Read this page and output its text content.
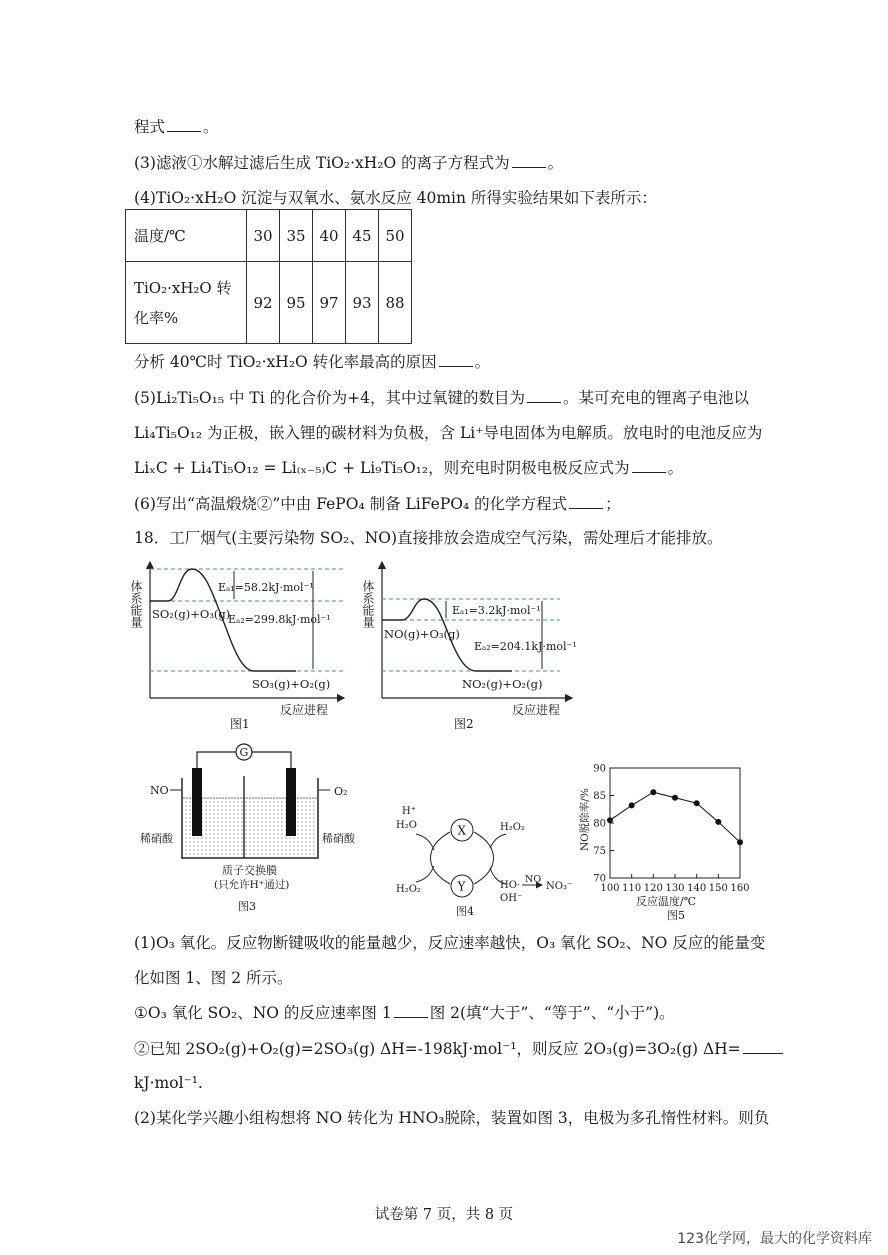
程式 。
(3)滤液①水解过滤后生成 TiO₂·xH₂O 的离子方程式为 。
(4)TiO₂·xH₂O 沉淀与双氧水、氨水反应 40min 所得实验结果如下表所示：
温度/℃	30	35	40	45	50

TiO₂·xH₂O 转
化率%	92	95	97	93	88
分析 40℃时 TiO₂·xH₂O 转化率最高的原因 。
(5)Li₂Ti₅O₁₅ 中 Ti 的化合价为+4，其中过氧键的数目为 。某可充电的锂离子电池以
Li₄Ti₅O₁₂ 为正极，嵌入锂的碳材料为负极，含 Li⁺导电固体为电解质。放电时的电池反应为
LiₓC + Li₄Ti₅O₁₂ = Li₍ₓ₋₅₎C + Li₉Ti₅O₁₂，则充电时阴极电极反应式为 。
(6)写出“高温煅烧②”中由 FePO₄ 制备 LiFePO₄ 的化学方程式 ；
18．工厂烟气(主要污染物 SO₂、NO)直接排放会造成空气污染，需处理后才能排放。
体系能量	Eₐ₁=58.2kJ·mol⁻¹
Eₐ₂=299.8kJ·mol⁻¹
SO₂(g)+O₃(g)
SO₃(g)+O₂(g)
反应进程
图1
体系能量	Eₐ₁=3.2kJ·mol⁻¹
Eₐ₂=204.1kJ·mol⁻¹
NO(g)+O₃(g)
NO₂(g)+O₂(g)
反应进程
图2
G
NO	O₂
稀硝酸	稀硝酸
质子交换膜
(只允许H⁺通过)
图3
X
Y
H⁺
H₂O	H₂O₂
H₂O₂	HO·
NO
NO₃⁻
OH⁻
图4
NO脱除率/%
反应温度/℃
图5
70
75
80
85
90
100 110 120 130 140 150 160
(1)O₃ 氧化。反应物断键吸收的能量越少，反应速率越快，O₃ 氧化 SO₂、NO 反应的能量变
化如图 1、图 2 所示。
①O₃ 氧化 SO₂、NO 的反应速率图 1 图 2(填“大于”、“等于”、“小于”)。
②已知 2SO₂(g)+O₂(g)=2SO₃(g) ΔH=-198kJ·mol⁻¹，则反应 2O₃(g)=3O₂(g) ΔH=
kJ·mol⁻¹.
(2)某化学兴趣小组构想将 NO 转化为 HNO₃脱除，装置如图 3，电极为多孔惰性材料。则负
试卷第 7 页，共 8 页
123化学网，最大的化学资料库
